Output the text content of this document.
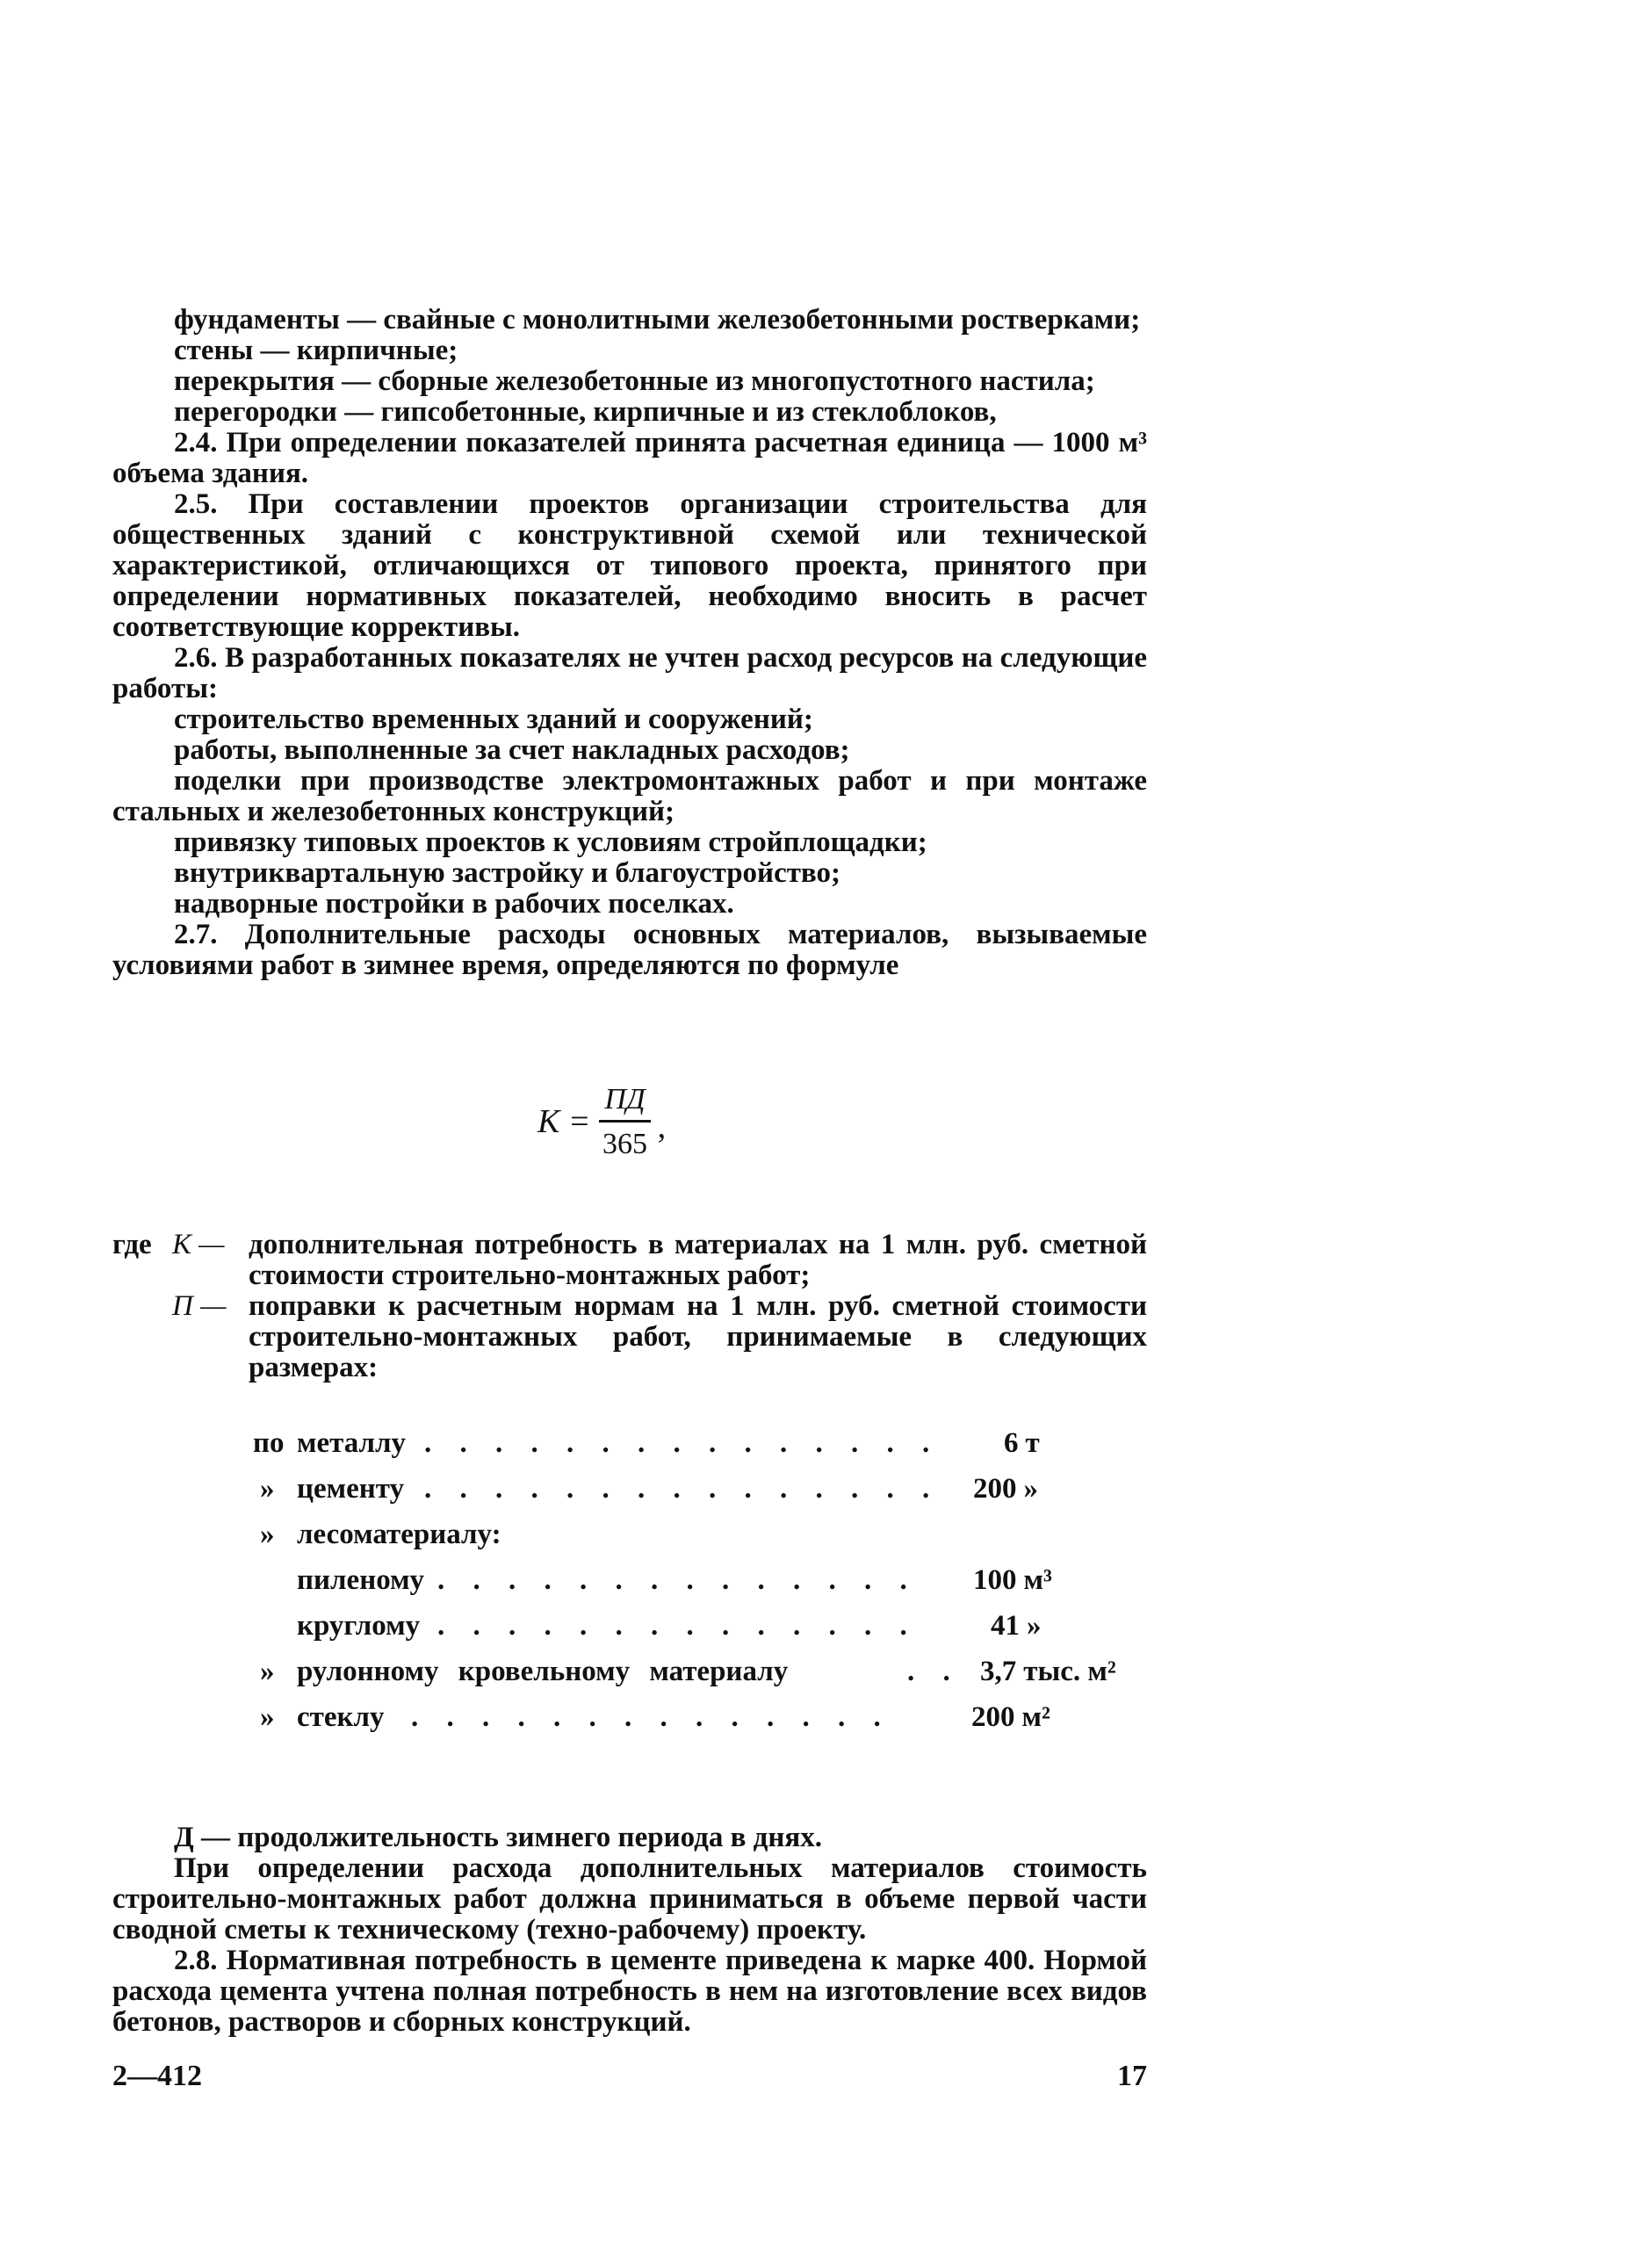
фундаменты — свайные с монолитными железобетонными ростверками;

стены — кирпичные;

перекрытия — сборные железобетонные из многопустотного настила;

перегородки — гипсобетонные, кирпичные и из стеклоблоков,

2.4. При определении показателей принята расчетная единица — 1000 м³ объема здания.

2.5. При составлении проектов организации строительства для общественных зданий с конструктивной схемой или технической характеристикой, отличающихся от типового проекта, принятого при определении нормативных показателей, необходимо вносить в расчет соответствующие коррективы.

2.6. В разработанных показателях не учтен расход ресурсов на следующие работы:

строительство временных зданий и сооружений;

работы, выполненные за счет накладных расходов;

поделки при производстве электромонтажных работ и при монтаже стальных и железобетонных конструкций;

привязку типовых проектов к условиям стройплощадки;

внутриквартальную застройку и благоустройство;

надворные постройки в рабочих поселках.

2.7. Дополнительные расходы основных материалов, вызываемые условиями работ в зимнее время, определяются по формуле

$К = \frac{ПД}{365}$ ,

где К — дополнительная потребность в материалах на 1 млн. руб. сметной стоимости строительно-монтажных работ;

П — поправки к расчетным нормам на 1 млн. руб. сметной стоимости строительно-монтажных работ, принимаемые в следующих размерах:

по металлу . . . . . . . . . . . . . . . 6 т
» цементу . . . . . . . . . . . . . . . 200 »
» лесоматериалу:
пиленому . . . . . . . . . . . . . . 100 м³
круглому . . . . . . . . . . . . . .	41 »
» рулонному кровельному материалу	. . 3,7 тыс. м²
» стеклу . . . . . . . . . . . . . .	200 м²

Д — продолжительность зимнего периода в днях.

При определении расхода дополнительных материалов стоимость строительно-монтажных работ должна приниматься в объеме первой части сводной сметы к техническому (техно-рабочему) проекту.

2.8. Нормативная потребность в цементе приведена к марке 400. Нормой расхода цемента учтена полная потребность в нем на изготовление всех видов бетонов, растворов и сборных конструкций.

2—412	17
